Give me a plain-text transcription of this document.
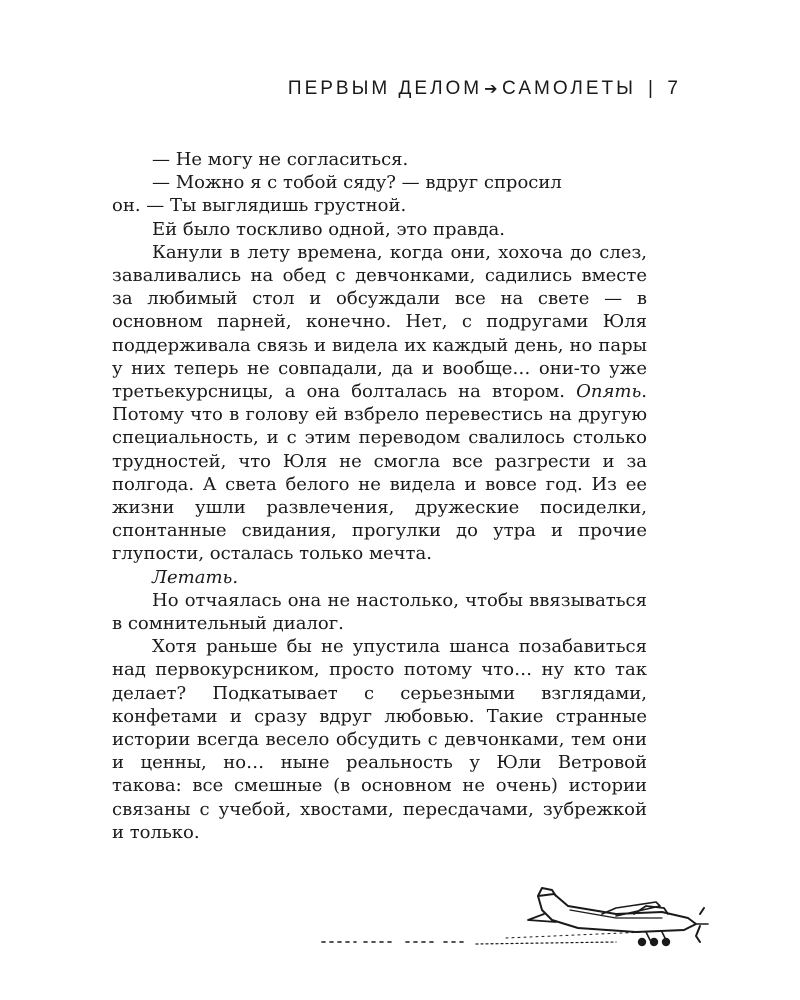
ПЕРВЫМ ДЕЛОМ ➔ САМОЛЕТЫ | 7

— Не могу не согласиться.

— Можно я с тобой сяду? — вдруг спросил

он. — Ты выглядишь грустной.

Ей было тоскливо одной, это правда.

Канули в лету времена, когда они, хохоча до слез, заваливались на обед с девчонками, садились вместе за любимый стол и обсуждали все на свете — в основном парней, конечно. Нет, с подругами Юля поддерживала связь и видела их каждый день, но пары у них теперь не совпадали, да и вообще… они-то уже третьекурсницы, а она болталась на втором. Опять. Потому что в голову ей взбрело перевестись на другую специальность, и с этим переводом свалилось столько трудностей, что Юля не смогла все разгрести и за полгода. А света белого не видела и вовсе год. Из ее жизни ушли развлечения, дружеские посиделки, спонтанные свидания, прогулки до утра и прочие глупости, осталась только мечта.

Летать.

Но отчаялась она не настолько, чтобы ввязываться в сомнительный диалог.

Хотя раньше бы не упустила шанса позабавиться над первокурсником, просто потому что… ну кто так делает? Подкатывает с серьезными взглядами, конфетами и сразу вдруг любовью. Такие странные истории всегда весело обсудить с девчонками, тем они и ценны, но… ныне реальность у Юли Ветровой такова: все смешные (в основном не очень) истории связаны с учебой, хвостами, пересдачами, зубрежкой и только.
